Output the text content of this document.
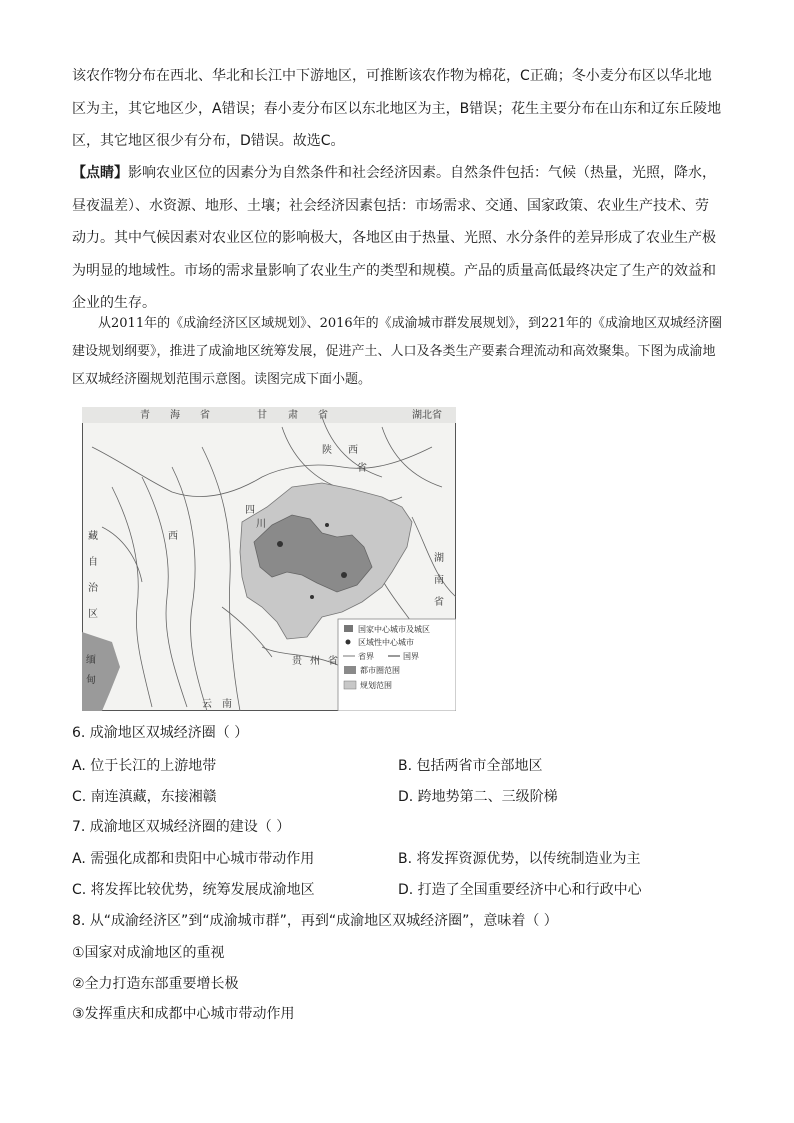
该农作物分布在西北、华北和长江中下游地区，可推断该农作物为棉花，C正确；冬小麦分布区以华北地区为主，其它地区少，A错误；春小麦分布区以东北地区为主，B错误；花生主要分布在山东和辽东丘陵地区，其它地区很少有分布，D错误。故选C。
【点睛】影响农业区位的因素分为自然条件和社会经济因素。自然条件包括：气候（热量，光照，降水，昼夜温差）、水资源、地形、土壤；社会经济因素包括：市场需求、交通、国家政策、农业生产技术、劳动力。其中气候因素对农业区位的影响极大，各地区由于热量、光照、水分条件的差异形成了农业生产极为明显的地域性。市场的需求量影响了农业生产的类型和规模。产品的质量高低最终决定了生产的效益和企业的生存。
从2011年的《成渝经济区区域规划》、2016年的《成渝城市群发展规划》，到221年的《成渝地区双城经济圈建设规划纲要》，推进了成渝地区统筹发展，促进产土、人口及各类生产要素合理流动和高效聚集。下图为成渝地区双城经济圈规划范围示意图。读图完成下面小题。
青 海 省	甘 肃 省
陕 西
省
湖北省
西
藏
自
治
区
四
川
湖
南
省
贵 州 省
云 南
缅
甸
国家中心城市及城区
区域性中心城市
省界	国界
都市圈范围
规划范围
6. 成渝地区双城经济圈（ ）
A. 位于长江的上游地带	B. 包括两省市全部地区
C. 南连滇藏，东接湘赣	D. 跨地势第二、三级阶梯
7. 成渝地区双城经济圈的建设（ ）
A. 需强化成都和贵阳中心城市带动作用	B. 将发挥资源优势，以传统制造业为主
C. 将发挥比较优势，统筹发展成渝地区	D. 打造了全国重要经济中心和行政中心
8. 从“成渝经济区”到“成渝城市群”，再到“成渝地区双城经济圈”，意味着（ ）
①国家对成渝地区的重视
②全力打造东部重要增长极
③发挥重庆和成都中心城市带动作用
